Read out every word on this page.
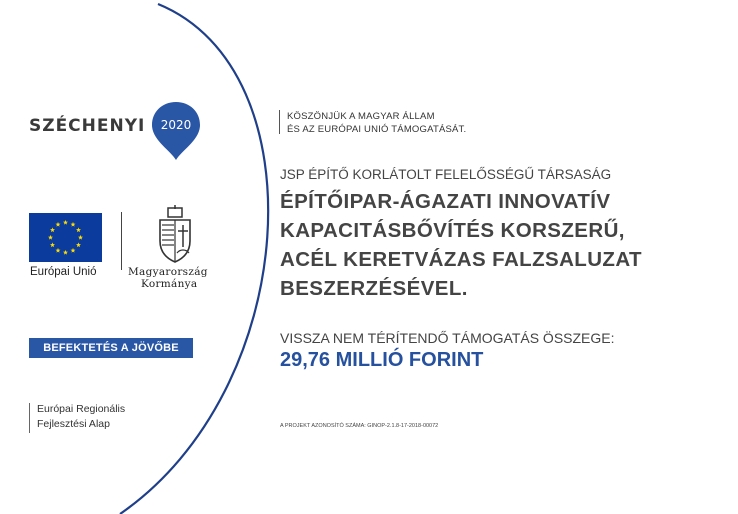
SZÉCHENYI 2020
Európai Unió	Magyarország
Kormánya
BEFEKTETÉS A JÖVŐBE
Európai Regionális
Fejlesztési Alap
KÖSZÖNJÜK A MAGYAR ÁLLAM
ÉS AZ EURÓPAI UNIÓ TÁMOGATÁSÁT.
JSP ÉPÍTŐ KORLÁTOLT FELELŐSSÉGŰ TÁRSASÁG
ÉPÍTŐIPAR-ÁGAZATI INNOVATÍV
KAPACITÁSBŐVÍTÉS KORSZERŰ,
ACÉL KERETVÁZAS FALZSALUZAT
BESZERZÉSÉVEL.
VISSZA NEM TÉRÍTENDŐ TÁMOGATÁS ÖSSZEGE:
29,76 MILLIÓ FORINT
A PROJEKT AZONOSÍTÓ SZÁMA: GINOP-2.1.8-17-2018-00072
